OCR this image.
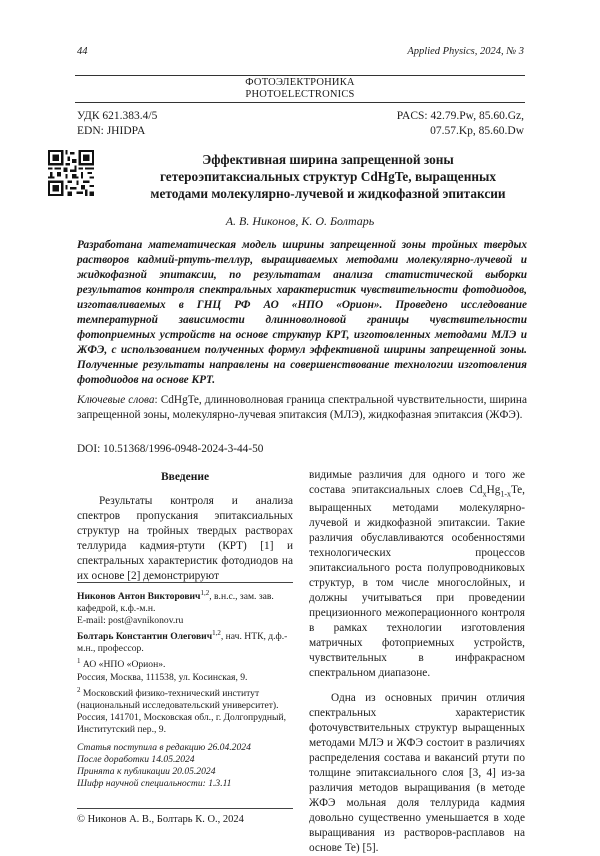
44	Applied Physics, 2024, № 3
ФОТОЭЛЕКТРОНИКА
PHOTOELECTRONICS
УДК 621.383.4/5
EDN: JHIDPA
PACS: 42.79.Pw, 85.60.Gz,
07.57.Kp, 85.60.Dw
Эффективная ширина запрещенной зоны
гетероэпитаксиальных структур CdHgTe, выращенных
методами молекулярно-лучевой и жидкофазной эпитаксии
А. В. Никонов, К. О. Болтарь

Разработана математическая модель ширины запрещенной зоны тройных твердых растворов кадмий-ртуть-теллур, выращиваемых методами молекулярно-лучевой и жидкофазной эпитаксии, по результатам анализа статистической выборки результатов контроля спектральных характеристик чувствительности фотодиодов, изготавливаемых в ГНЦ РФ АО «НПО «Орион». Проведено исследование температурной зависимости длинноволновой границы чувствительности фотоприемных устройств на основе структур КРТ, изготовленных методами МЛЭ и ЖФЭ, с использованием полученных формул эффективной ширины запрещенной зоны. Полученные результаты направлены на совершенствование технологии изготовления фотодиодов на основе КРТ.

Ключевые слова: CdHgTe, длинноволновая граница спектральной чувствительности, ширина запрещенной зоны, молекулярно-лучевая эпитаксия (МЛЭ), жидкофазная эпитаксия (ЖФЭ).

DOI: 10.51368/1996-0948-2024-3-44-50
Введение

Результаты контроля и анализа спектров пропускания эпитаксиальных структур на тройных твердых растворах теллурида кадмия-ртути (КРТ) [1] и спектральных характеристик фотодиодов на их основе [2] демонстрируют

Никонов Антон Викторович$^{1,2}$, в.н.с., зам. зав. кафедрой, к.ф.-м.н.

E-mail: post@avnikonov.ru

Болтарь Константин Олегович$^{1,2}$, нач. НТК, д.ф.-м.н., профессор.

$^1$ АО «НПО «Орион».

Россия, Москва, 111538, ул. Косинская, 9.

$^2$ Московский физико-технический институт (национальный исследовательский университет).

Россия, 141701, Московская обл., г. Долгопрудный, Институтский пер., 9.

Статья поступила в редакцию 26.04.2024

После доработки 14.05.2024

Принята к публикации 20.05.2024

Шифр научной специальности: 1.3.11

© Никонов А. В., Болтарь К. О., 2024

видимые различия для одного и того же состава эпитаксиальных слоев $Cd_xHg_{1-x}Te$, выращенных методами молекулярно-лучевой и жидкофазной эпитаксии. Такие различия обуславливаются особенностями технологических процессов эпитаксиального роста полупроводниковых структур, в том числе многослойных, и должны учитываться при проведении прецизионного межоперационного контроля в рамках технологии изготовления матричных фотоприемных устройств, чувствительных в инфракрасном спектральном диапазоне.

Одна из основных причин отличия спектральных характеристик фоточувствительных структур выращенных методами МЛЭ и ЖФЭ состоит в различиях распределения состава и вакансий ртути по толщине эпитаксиального слоя [3, 4] из-за различия методов выращивания (в методе ЖФЭ мольная доля теллурида кадмия довольно существенно уменьшается в ходе выращивания из растворов-расплавов на основе Te) [5].
